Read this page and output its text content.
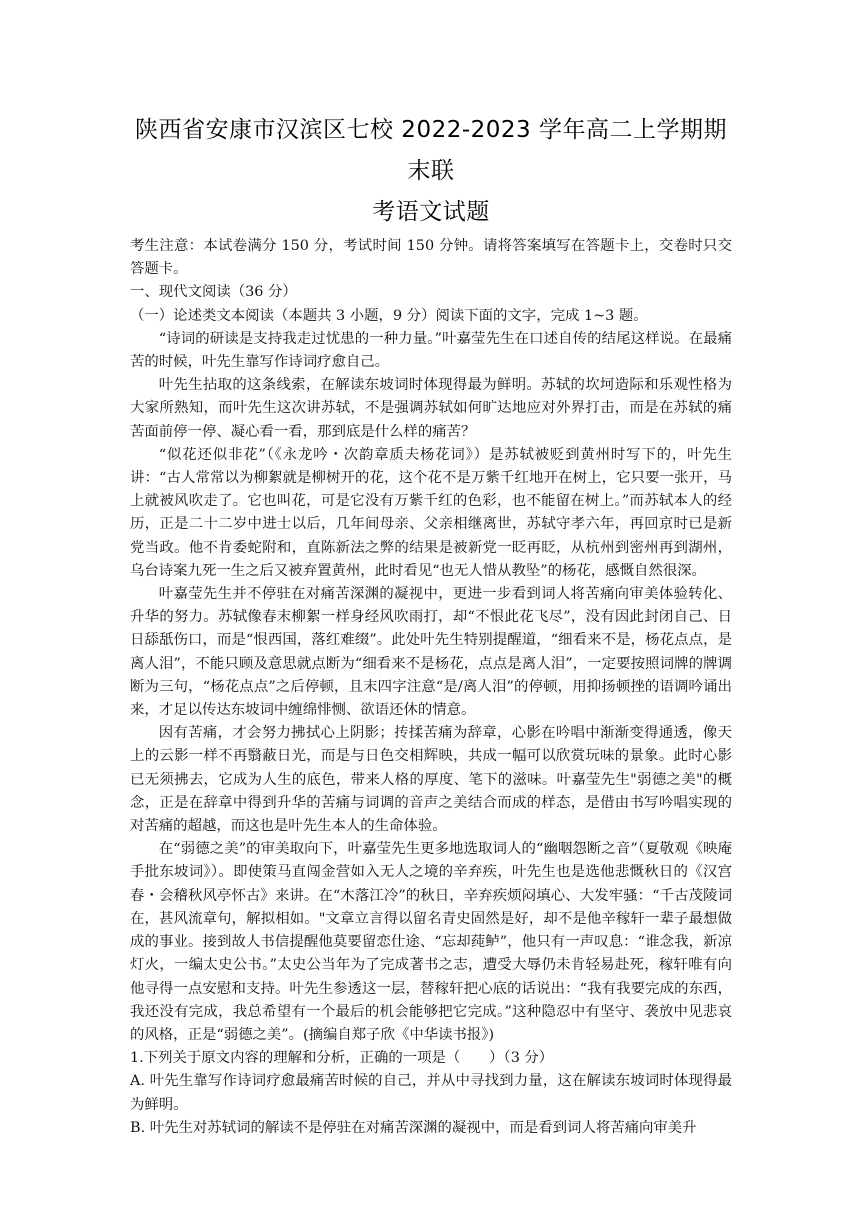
陕西省安康市汉滨区七校 2022-2023 学年高二上学期期末联
考语文试题

考生注意：本试卷满分 150 分，考试时间 150 分钟。请将答案填写在答题卡上，交卷时只交答题卡。

一、现代文阅读（36 分）

（一）论述类文本阅读（本题共 3 小题，9 分）阅读下面的文字，完成 1~3 题。

“诗词的研读是支持我走过忧患的一种力量。”叶嘉莹先生在口述自传的结尾这样说。在最痛苦的时候，叶先生靠写作诗词疗愈自己。

叶先生拈取的这条线索，在解读东坡词时体现得最为鲜明。苏轼的坎坷造际和乐观性格为大家所熟知，而叶先生这次讲苏轼，不是强调苏轼如何旷达地应对外界打击，而是在苏轼的痛苦面前停一停、凝心看一看，那到底是什么样的痛苦？

“似花还似非花”（《永龙吟・次韵章质夫杨花词》）是苏轼被贬到黄州时写下的，叶先生讲：“古人常常以为柳絮就是柳树开的花，这个花不是万紫千红地开在树上，它只要一张开，马上就被风吹走了。它也叫花，可是它没有万紫千红的色彩，也不能留在树上。”而苏轼本人的经历，正是二十二岁中进士以后，几年间母亲、父亲相继离世，苏轼守孝六年，再回京时已是新党当政。他不肯委蛇附和，直陈新法之弊的结果是被新党一眨再眨，从杭州到密州再到湖州，乌台诗案九死一生之后又被弃置黄州，此时看见“也无人惜从教坠”的杨花，感慨自然很深。

叶嘉莹先生并不停驻在对痛苦深渊的凝视中，更进一步看到词人将苦痛向审美体验转化、升华的努力。苏轼像春末柳絮一样身经风吹雨打，却“不恨此花飞尽”，没有因此封闭自己、日日舔舐伤口，而是“恨西国，落红难缀”。此处叶先生特别提醒道，“细看来不是，杨花点点，是离人泪”，不能只顾及意思就点断为“细看来不是杨花，点点是离人泪”，一定要按照词牌的牌调断为三句，“杨花点点”之后停顿，且末四字注意“是/离人泪”的停顿，用抑扬顿挫的语调吟诵出来，才足以传达东坡词中缠绵悱恻、欲语还休的情意。

因有苦痛，才会努力拂拭心上阴影；抟揉苦痛为辞章，心影在吟唱中渐渐变得通透，像天上的云影一样不再翳蔽日光，而是与日色交相辉映，共成一幅可以欣赏玩味的景象。此时心影已无须拂去，它成为人生的底色，带来人格的厚度、笔下的滋味。叶嘉莹先生"弱德之美"的概念，正是在辞章中得到升华的苦痛与词调的音声之美结合而成的样态，是借由书写吟唱实现的对苦痛的超越，而这也是叶先生本人的生命体验。

在“弱德之美”的审美取向下，叶嘉莹先生更多地选取词人的“幽咽怨断之音”（夏敬观《映庵手批东坡词》）。即使策马直闯金营如入无人之境的辛弃疾，叶先生也是选他悲慨秋日的《汉宫春・会稽秋风亭怀古》来讲。在“木落江冷”的秋日，辛弃疾烦闷填心、大发牢骚：“千古茂陵词在，甚风流章句，解拟相如。"文章立言得以留名青史固然是好，却不是他辛稼轩一辈子最想做成的事业。接到故人书信提醒他莫要留恋仕途、“忘却莼鲈”，他只有一声叹息：“谁念我，新凉灯火，一编太史公书。”太史公当年为了完成著书之志，遭受大辱仍未肯轻易赴死，稼轩唯有向他寻得一点安慰和支持。叶先生参透这一层，替稼轩把心底的话说出：“我有我要完成的东西，我还没有完成，我总希望有一个最后的机会能够把它完成。”这种隐忍中有坚守、袭放中见悲哀的风格，正是“弱德之美”。(摘编自郑子欣《中华读书报》)

1.下列关于原文内容的理解和分析，正确的一项是（　　）（3 分）

A. 叶先生靠写作诗词疗愈最痛苦时候的自己，并从中寻找到力量，这在解读东坡词时体现得最为鲜明。

B. 叶先生对苏轼词的解读不是停驻在对痛苦深渊的凝视中，而是看到词人将苦痛向审美升
